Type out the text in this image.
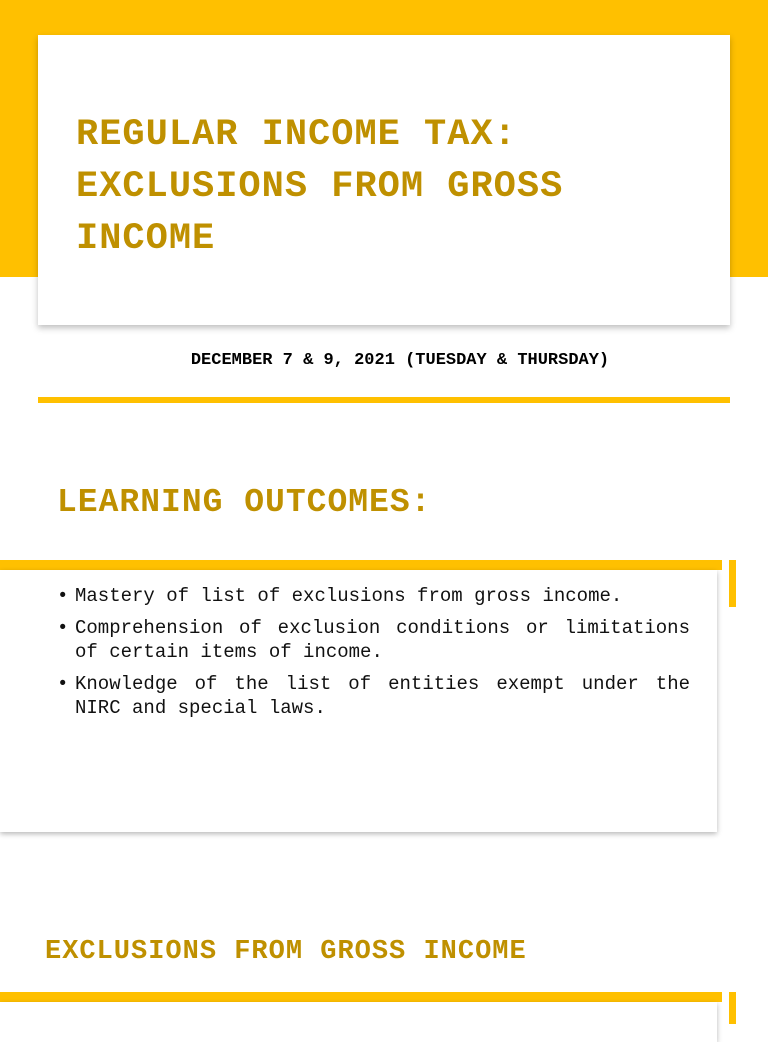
REGULAR INCOME TAX: EXCLUSIONS FROM GROSS INCOME
DECEMBER 7 & 9, 2021 (TUESDAY & THURSDAY)
LEARNING OUTCOMES:
• Mastery of list of exclusions from gross income.
• Comprehension of exclusion conditions or limitations of certain items of income.
• Knowledge of the list of entities exempt under the NIRC and special laws.
EXCLUSIONS FROM GROSS INCOME
